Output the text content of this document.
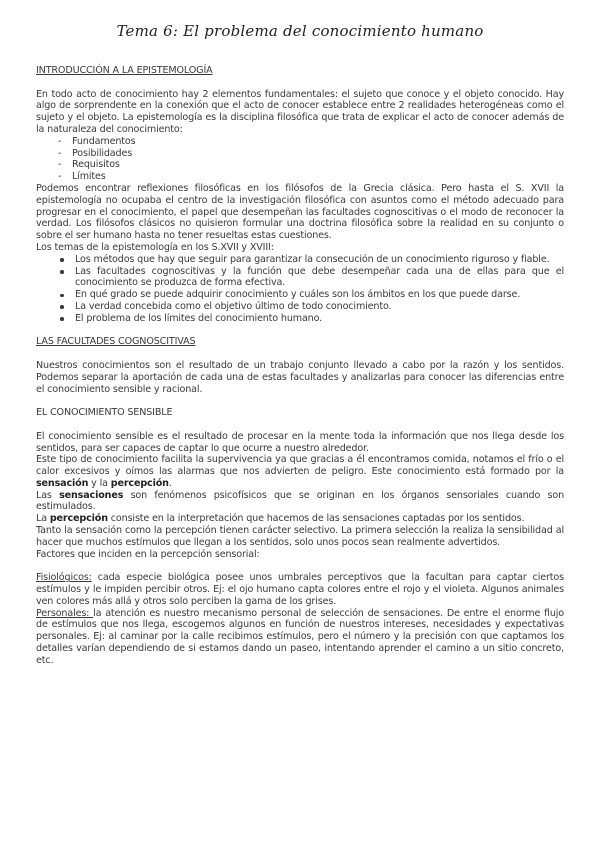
Tema 6: El problema del conocimiento humano
INTRODUCCIÓN A LA EPISTEMOLOGÍA

En todo acto de conocimiento hay 2 elementos fundamentales: el sujeto que conoce y el objeto conocido. Hay algo de sorprendente en la conexión que el acto de conocer establece entre 2 realidades heterogéneas como el sujeto y el objeto. La epistemología es la disciplina filosófica que trata de explicar el acto de conocer además de la naturaleza del conocimiento:

- Fundamentos
- Posibilidades
- Requisitos
- Límites

Podemos encontrar reflexiones filosóficas en los filósofos de la Grecia clásica. Pero hasta el S. XVII la epistemología no ocupaba el centro de la investigación filosófica con asuntos como el método adecuado para progresar en el conocimiento, el papel que desempeñan las facultades cognoscitivas o el modo de reconocer la verdad. Los filósofos clásicos no quisieron formular una doctrina filosófica sobre la realidad en su conjunto o sobre el ser humano hasta no tener resueltas estas cuestiones.

Los temas de la epistemología en los S.XVII y XVIII:

Los métodos que hay que seguir para garantizar la consecución de un conocimiento riguroso y fiable.
Las facultades cognoscitivas y la función que debe desempeñar cada una de ellas para que el conocimiento se produzca de forma efectiva.
En qué grado se puede adquirir conocimiento y cuáles son los ámbitos en los que puede darse.
La verdad concebida como el objetivo último de todo conocimiento.
El problema de los límites del conocimiento humano.
LAS FACULTADES COGNOSCITIVAS

Nuestros conocimientos son el resultado de un trabajo conjunto llevado a cabo por la razón y los sentidos. Podemos separar la aportación de cada una de estas facultades y analizarlas para conocer las diferencias entre el conocimiento sensible y racional.

EL CONOCIMIENTO SENSIBLE

El conocimiento sensible es el resultado de procesar en la mente toda la información que nos llega desde los sentidos, para ser capaces de captar lo que ocurre a nuestro alrededor.

Este tipo de conocimiento facilita la supervivencia ya que gracias a él encontramos comida, notamos el frío o el calor excesivos y oímos las alarmas que nos advierten de peligro. Este conocimiento está formado por la sensación y la percepción.

Las sensaciones son fenómenos psicofísicos que se originan en los órganos sensoriales cuando son estimulados.

La percepción consiste en la interpretación que hacemos de las sensaciones captadas por los sentidos.

Tanto la sensación como la percepción tienen carácter selectivo. La primera selección la realiza la sensibilidad al hacer que muchos estímulos que llegan a los sentidos, solo unos pocos sean realmente advertidos.

Factores que inciden en la percepción sensorial:

Fisiológicos: cada especie biológica posee unos umbrales perceptivos que la facultan para captar ciertos estímulos y le impiden percibir otros. Ej: el ojo humano capta colores entre el rojo y el violeta. Algunos animales ven colores más allá y otros solo perciben la gama de los grises.

Personales: la atención es nuestro mecanismo personal de selección de sensaciones. De entre el enorme flujo de estímulos que nos llega, escogemos algunos en función de nuestros intereses, necesidades y expectativas personales. Ej: al caminar por la calle recibimos estímulos, pero el número y la precisión con que captamos los detalles varían dependiendo de si estamos dando un paseo, intentando aprender el camino a un sitio concreto, etc.
